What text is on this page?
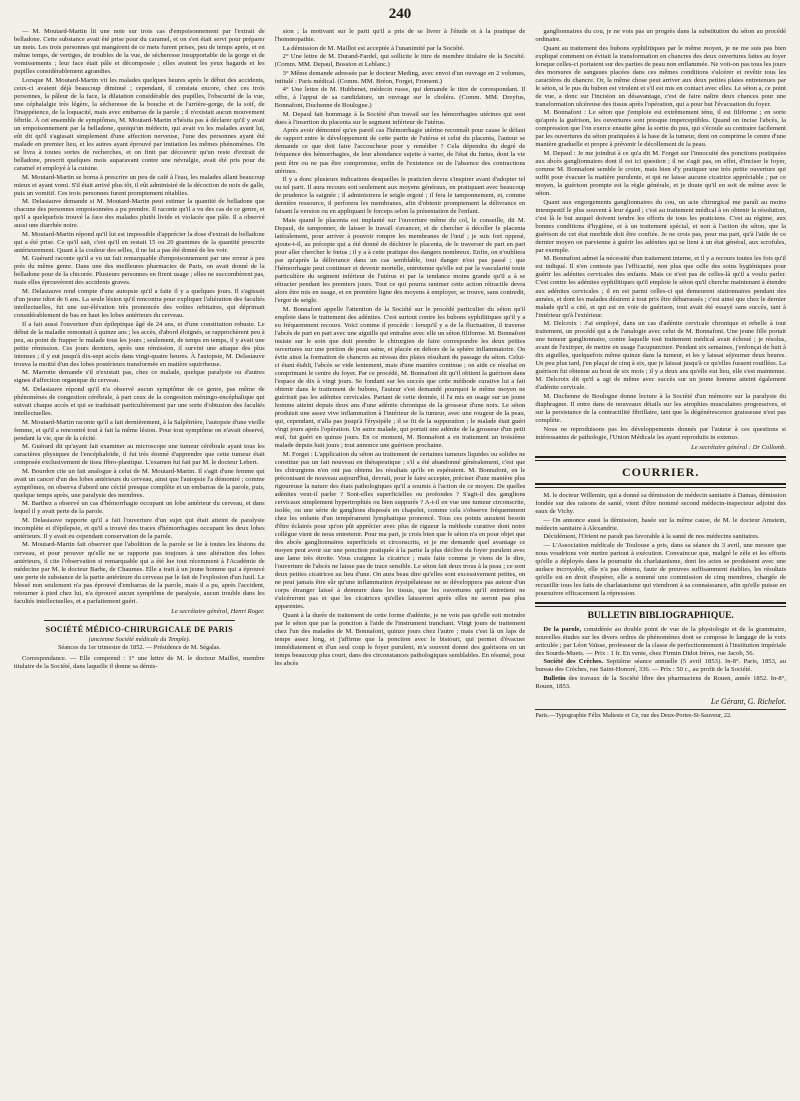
240

— M. Moutard-Martin lit une note sur trois cas d'empoisonnement par l'extrait de belladone. Cette substance avait été prise pour du caramel, et on s'en était servi pour préparer un mets. Les trois personnes qui mangèrent de ce mets furent prises, peu de temps après, et en même temps, de vertiges, de troubles de la vue, de sécheresse insupportable de la gorge et de vomissements ; leur face était pâle et décomposée ; elles avaient les yeux hagards et les pupilles considérablement agrandies.

Lorsque M. Moutard-Martin vit les malades quelques heures après le début des accidents, ceux-ci avaient déjà beaucoup diminué ; cependant, il constata encore, chez ces trois personnes, la pâleur de la face, la dilatation considérable des pupilles, l'obscurité de la vue, une céphalalgie très légère, la sécheresse de la bouche et de l'arrière-gorge, de la soif, de l'inappétence, de la loquacité, mais avec embarras de la parole ; il n'existait aucun mouvement fébrile. À cet ensemble de symptômes, M. Moutard-Martin n'hésita pas à déclarer qu'il y avait un empoisonnement par la belladone, quoiqu'un médecin, qui avait vu les malades avant lui, eût dit qu'il s'agissait simplement d'une affection nerveuse, l'une des personnes ayant été malade en premier lieu, et les autres ayant éprouvé par imitation les mêmes phénomènes. On se livra à toutes sortes de recherches, et on finit par découvrir qu'un reste d'extrait de belladone, prescrit quelques mois auparavant contre une névralgie, avait été pris pour du caramel et employé à la cuisine.

M. Moutard-Martin se borna à prescrire un peu de café à l'eau, les malades allant beaucoup mieux et ayant vomi. S'il était arrivé plus tôt, il eût administré de la décoction de noix de galle, puis un vomitif. Ces trois personnes furent promptement rétablies.

M. Delasiauve demande si M. Moutard-Martin peut estimer la quantité de belladone que chacune des personnes empoisonnées a pu prendre. Il raconte qu'il a vu des cas de ce genre, et qu'il a quelquefois trouvé la face des malades plutôt livide et violacée que pâle. Il a observé aussi une diarrhée noire.

M. Moutard-Martin répond qu'il lui est impossible d'apprécier la dose d'extrait de belladone qui a été prise. Ce qu'il sait, c'est qu'il en restait 15 ou 20 grammes de la quantité prescrite antérieurement. Quant à la couleur des selles, il ne lui a pas été donné de les voir.

M. Guérard raconte qu'il a vu un fait remarquable d'empoisonnement par une erreur à peu près du même genre. Dans une des meilleures pharmacies de Paris, on avait donné de la belladone pour de la chicorée. Plusieurs personnes en firent usage ; elles ne succombèrent pas, mais elles éprouvèrent des accidents graves.

M. Delasiauve rend compte d'une autopsie qu'il a faite il y a quelques jours. Il s'agissait d'un jeune idiot de 6 ans. La seule lésion qu'il rencontra pour expliquer l'altération des facultés intellectuelles, fut une sur-élévation très prononcée des voûtes orbitaires, qui déprimait considérablement de bas en haut les lobes antérieurs du cerveau.

Il a fait aussi l'ouverture d'un épileptique âgé de 24 ans, et d'une constitution robuste. Le début de la maladie remontait à quinze ans ; les accès, d'abord éloignés, se rapprochèrent peu à peu, au point de frapper le malade tous les jours ; seulement, de temps en temps, il y avait une petite rémission. Ces jours derniers, après une rémission, il survint une attaque des plus intenses ; il y eut jusqu'à dix-sept accès dans vingt-quatre heures. À l'autopsie, M. Delasiauve trouva la moitié d'un des lobes postérieurs transformée en matière squirrheuse.

M. Marrotte demande s'il n'existait pas, chez ce malade, quelque paralysie ou d'autres signes d'affection organique du cerveau.

M. Delasiauve répond qu'il n'a observé aucun symptôme de ce genre, pas même de phénomènes de congestion cérébrale, à part ceux de la congestion méningo-encéphalique qui suivait chaque accès et qui se traduisait particulièrement par une sorte d'obtusion des facultés intellectuelles.

M. Moutard-Martin raconte qu'il a fait dernièrement, à la Salpêtrière, l'autopsie d'une vieille femme, et qu'il a rencontré tout à fait la même lésion. Pour tout symptôme on n'avait observé, pendant la vie, que de la cécité.

M. Guérard dit qu'ayant fait examiner au microscope une tumeur cérébrale ayant tous les caractères physiques de l'encéphaloïde, il fut très étonné d'apprendre que cette tumeur était composée exclusivement de tissu fibro-plastique. L'examen fut fait par M. le docteur Lebert.

M. Bourdon cite un fait analogue à celui de M. Moutard-Martin. Il s'agit d'une femme qui avait un cancer d'un des lobes antérieurs du cerveau, ainsi que l'autopsie l'a démontré ; comme symptômes, on observa d'abord une cécité presque complète et un embarras de la parole, puis, quelque temps après, une paralysie des membres.

M. Barthez a observé un cas d'hémorrhagie occupant un lobe antérieur du cerveau, et dans lequel il y avait perte de la parole.

M. Delasiauve rapporte qu'il a fait l'ouverture d'un sujet qui était atteint de paralysie incomplète et d'épilepsie, et qu'il a trouvé des traces d'hémorrhagies occupant les deux lobes antérieurs. Il y avait eu cependant conservation de la parole.

M. Moutard-Martin fait observer que l'abolition de la parole se lie à toutes les lésions du cerveau, et pour prouver qu'elle ne se rapporte pas toujours à une altération des lobes antérieurs, il cite l'observation si remarquable qui a été lue tout récemment à l'Académie de médecine par M. le docteur Barbe, de Chaumes. Elle a trait à un jeune homme qui a éprouvé une perte de substance de la partie antérieure du cerveau par le fait de l'explosion d'un fusil. Le blessé non seulement n'a pas éprouvé d'embarras de la parole, mais il a pu, après l'accident, retourner à pied chez lui, n'a éprouvé aucun symptôme de paralysie, aucun trouble dans les facultés intellectuelles, et a parfaitement guéri.

Le secrétaire général, Henri Roger.
SOCIÉTÉ MÉDICO-CHIRURGICALE DE PARIS
(ancienne Société médicale du Temple).
Séances du 1er trimestre de 1852. — Présidence de M. Ségalas.

Correspondance. — Elle comprend : 1° une lettre de M. le docteur Maillot, membre titulaire de la Société, dans laquelle il donne sa démis-

sion ; la motivant sur le parti qu'il a pris de se livrer à l'étude et à la pratique de l'homœopathie.

La démission de M. Maillot est acceptée à l'unanimité par la Société.

2° Une lettre de M. Durand-Fardel, qui sollicite le titre de membre titulaire de la Société. (Comm. MM. Depaul, Bossion et Leblanc.)

3° Même demande adressée par le docteur Meding, avec envoi d'un ouvrage en 2 volumes, intitulé : Paris médical. (Comm. MM. Bréon, Forget, Froment.)

4° Une lettre de M. Hubbenet, médecin russe, qui demande le titre de correspondant. Il offre, à l'appui de sa candidature, un ouvrage sur le choléra. (Comm. MM. Dreyfus, Bonnafont, Duchenne de Boulogne.)

M. Depaul fait hommage à la Société d'un travail sur les hémorrhagies utérines qui sont dues à l'insertion du placenta sur le segment inférieur de l'utérus.

Après avoir démontré qu'en pareil cas l'hémorrhagie utérine reconnaît pour cause le défaut de rapport entre le développement de cette partie de l'utérus et celui du placenta, l'auteur se demande ce que doit faire l'accoucheur pour y remédier ? Cela dépendra du degré de fréquence des hémorrhagies, de leur abondance sujette à varier, de l'état du fœtus, dont la vie peut être ou ne pas être compromise, enfin de l'existence ou de l'absence des contractions utérines.

Il y a donc plusieurs indications desquelles le praticien devra s'inspirer avant d'adopter tel ou tel parti. Il aura recours soit seulement aux moyens généraux, en pratiquant avec beaucoup de prudence la saignée ; il administrera le seigle ergoté ; il fera le tamponnement, et, comme dernière ressource, il perforera les membranes, afin d'obtenir promptement la délivrance en faisant la version ou en appliquant le forceps selon la présentation de l'enfant.

Mais quand le placenta est implanté sur l'ouverture même du col, le conseille, dit M. Depaul, de tamponner, de laisser le travail s'avancer, et de chercher à décoller le placenta latéralement, pour arriver à pouvoir rompre les membranes de l'œuf ; je suis fort opposé, ajoute-t-il, au précepte qui a été donné de déchirer le placenta, de le traverser de part en part pour aller chercher le fœtus ; il y a à cette pratique des dangers nombreux. Enfin, on n'oubliera pas qu'après la délivrance dans un cas semblable, tout danger n'est pas passé ; que l'hémorrhagie peut continuer et devenir mortelle, entretenue qu'elle est par la vascularité toute particulière du segment inférieur de l'utérus et par la tendance moins grande qu'il a à se rétracter pendant les premiers jours. Tout ce qui pourra ranimer cette action rétractile devra alors être mis en usage, et en première ligne des moyens à employer, se trouve, sans contredit, l'ergot de seigle.

M. Bonnafont appelle l'attention de la Société sur le procédé particulier du séton qu'il emploie dans le traitement des adénites. C'est surtout contre les bubons syphilitiques qu'il y a eu fréquemment recours. Voici comme il procède : lorsqu'il y a de la fluctuation, il traverse l'abcès de part en part avec une aiguille qui entraîne avec elle un séton filiforme. M. Bonnafont insiste sur le soin que doit prendre le chirurgien de faire correspondre les deux petites ouvertures sur une portion de peau saine, et placée en dehors de la sphère inflammatoire. On évite ainsi la formation de chancres au niveau des plaies résultant du passage du séton. Celui-ci étant établi, l'abcès se vide lentement, mais d'une manière continue ; on aide ce résultat en comprimant le centre du foyer. Par ce procédé, M. Bonnafont dit qu'il obtient la guérison dans l'espace de dix à vingt jours. Se fondant sur les succès que cette méthode curative lui a fait obtenir dans le traitement de bubons, l'auteur s'est demandé pourquoi le même moyen ne guérirait pas les adénites cervicales. Partant de cette donnée, il l'a mis en usage sur un jeune homme atteint depuis deux ans d'une adénite chronique de la grosseur d'une noix. Le séton produisit une assez vive inflammation à l'intérieur de la tumeur, avec une rougeur de la peau, qui, cependant, n'alla pas jusqu'à l'érysipèle ; il se fit de la suppuration ; le malade était guéri vingt jours après l'opération. Un autre malade, qui portait une adénite de la grosseur d'un petit œuf, fut guéri en quinze jours. En ce moment, M. Bonnafont a en traitement un troisième malade depuis huit jours ; tout annonce une guérison prochaine.

M. Forget : L'application du séton au traitement de certaines tumeurs liquides ou solides ne constitue pas un fait nouveau en thérapeutique ; s'il a été abandonné généralement, c'est que les chirurgiens n'en ont pas obtenu les résultats qu'ils en espéraient. M. Bonnafont, en le préconisant de nouveau aujourd'hui, devrait, pour le faire accepter, préciser d'une manière plus rigoureuse la nature des états pathologiques qu'il a soumis à l'action de ce moyen. De quelles adénites veut-il parler ? Sont-elles superficielles ou profondes ? S'agit-il des ganglions cervicaux simplement hypertrophiés ou bien suppurés ? A-t-il en vue une tumeur circonscrite, isolée, ou une série de ganglions disposés en chapelet, comme cela s'observe fréquemment chez les enfants d'un tempérament lymphatique prononcé. Tous ces points auraient besoin d'être éclairés pour qu'on pût apprécier avec plus de rigueur la méthode curative dont notre collègue vient de nous entretenir. Pour ma part, je crois bien que le séton n'a en pour objet que des abcès ganglionnaires superficiels et circonscrits, et je me demande quel avantage ce moyen peut avoir sur une ponction pratiquée à la partie la plus déclive du foyer purulent avec une lame très étroite. Vous craignez la cicatrice ; mais faite comme je viens de le dire, l'ouverture de l'abcès ne laisse pas de trace sensible. Le séton fait deux trous à la peau ; ce sont deux petites cicatrices au lieu d'une. On aura beau dire qu'elles sont excessivement petites, on ne peut jamais être sûr qu'une inflammation érysipélateuse ne se développera pas autour d'un corps étranger laissé à demeure dans les tissus, que les ouvertures qu'il entretient ne s'ulcéreront pas et que les cicatrices qu'elles laisseront après elles ne seront pas plus apparentes.

Quant à la durée de traitement de cette forme d'adénite, je ne vois pas qu'elle soit moindre par le séton que par la ponction à l'aide de l'instrument tranchant. Vingt jours de traitement chez l'un des malades de M. Bonnafont, quinze jours chez l'autre ; mais c'est là un laps de temps assez long, et j'affirme que la ponction avec le bistouri, qui permet d'évacuer immédiatement et d'un seul coup le foyer purulent, m'a souvent donné des guérisons en un temps beaucoup plus court, dans des circonstances pathologiques semblables. En résumé, pour les abcès

ganglionnaires du cou, je ne vois pas un progrès dans la substitution du séton au procédé ordinaire.

Quant au traitement des bubons syphilitiques par le même moyen, je ne me suis pas bien expliqué comment on évitait la transformation en chancres des deux ouvertures faites au foyer lorsque celles-ci portaient sur des parties de peau non enflammée. Ne voit-on pas tous les jours des morsures de sangsues placées dans ces mêmes conditions s'ulcérer et revêtir tous les caractères du chancre. Or, la même chose peut arriver aux deux petites plaies entretenues par le séton, si le pus du bubon est virulent et s'il est mis en contact avec elles. Le séton a, ce point de vue, a donc sur l'incision un désavantage, c'est de faire naître deux chances pour une transformation ulcéreuse des tissus après l'opération, qui a pour but l'évacuation du foyer.

M. Bonnafont : Le séton que j'emploie est extrêmement ténu, il est filiforme ; en sorte qu'après la guérison, les ouvertures sont presque imperceptibles. Quand on incise l'abcès, la compression que l'on exerce ensuite gêne la sortie du pus, qui s'écoule au contraire facilement par les ouvertures du séton pratiquées à la base de la tumeur, dont on comprime le centre d'une manière graduelle et propre à prévenir le décollement de la peau.

M. Depaul : Je me joindrai à ce qu'a dit M. Forget sur l'innocuité des ponctions pratiquées aux abcès ganglionnaires dont il est ici question ; il ne s'agit pas, en effet, d'inciser le foyer, comme M. Bonnafont semble le croire, mais bien d'y pratiquer une très petite ouverture qui suffit pour évacuer la matière purulente, et qui ne laisse aucune cicatrice appréciable ; par ce moyen, la guérison prompte est la règle générale, et je doute qu'il en soit de même avec le séton.

Quant aux engorgements ganglionnaires du cou, un acte chirurgical me paraît au moins intempestif le plus souvent à leur égard ; c'est au traitement médical à en obtenir la résolution, c'est là le but auquel doivent tendre les efforts de tous les praticiens. C'est au régime, aux bonnes conditions d'hygiène, et à un traitement spécial, et non à l'action du séton, que la guérison de cet état morbide doit être confiée. Je ne crois pas, pour ma part, qu'à l'aide de ce dernier moyen on parvienne à guérir les adénites qui se lient à un état général, aux scrofules, par exemple.

M. Bonnafont admet la nécessité d'un traitement interne, et il y a recours toutes les fois qu'il est indiqué. Il n'en conteste pas l'efficacité, non plus que celle des soins hygiéniques pour guérir les adénites cervicales des enfants. Mais ce n'est pas de celles-là qu'il a voulu parler. C'est contre les adénites syphilitiques qu'il emploie le séton qu'il cherche maintenant à étendre aux adénites cervicales ; il en est parmi celles-ci qui demeurent stationnaires pendant des années, et dont les malades désirent à tout prix être débarrassés ; c'est ainsi que chez le dernier malade qu'il a cité, et qui est en voie de guérison, tout avait été essayé sans succès, tant à l'intérieur qu'à l'extérieur.

M. Delcroix : J'ai employé, dans un cas d'adénite cervicale chronique et rebelle à tout traitement, un procédé qui a de l'analogie avec celui de M. Bonnafont. Une jeune fille portait une tumeur ganglionnaire, contre laquelle tout traitement médical avait échoué ; je résolus, avant de l'extirper, de mettre en usage l'acupuncture. Pendant six semaines, j'enfonçai de huit à dix aiguilles, quelquefois même quinze dans la tumeur, et les y laissai séjourner deux heures. Un peu plus tard, j'en plaçai de cinq à six, que je laissai jusqu'à ce qu'elles fussent rouillées. La guérison fut obtenue au bout de six mois ; il y a deux ans qu'elle eut lieu, elle s'est maintenue. M. Delcroix dit qu'il a agi de même avec succès sur un jeune homme atteint également d'adénite cervicale.

M. Duchenne de Boulogne donne lecture à la Société d'un mémoire sur la paralysie du diaphragme. Il entre dans de nouveaux détails sur les atrophies musculaires progressives, et sur la persistance de la contractilité fibrillaire, tant que la dégénérescence graisseuse n'est pas complète.

Nous ne reproduisons pas les développements donnés par l'auteur à ces questions si intéressantes de pathologie, l'Union Médicale les ayant reproduits in extenso.

Le secrétaire général : Dr Collomb.
COURRIER.

M. le docteur Willemin, qui a donné sa démission de médecin sanitaire à Damas, démission fondée sur des raisons de santé, vient d'être nommé second médecin-inspecteur adjoint des eaux de Vichy.

— On annonce aussi la démission, basée sur la même cause, de M. le docteur Amstein, médecin sanitaire à Alexandrie.

Décidément, l'Orient ne paraît pas favorable à la santé de nos médecins sanitaires.

— L'Association médicale de Toulouse a pris, dans sa séance du 3 avril, une mesure que nous voudrions voir mettre partout à exécution. Convaincue que, malgré le zèle et les efforts qu'elle a déployés dans la poursuite du charlatanisme, dont les actes se produisent avec une audace incroyable, elle n'a pas obtenu, faute de preuves suffisamment établies, les résultats qu'elle est en droit d'espérer, elle a nommé une commission de cinq membres, chargée de recueillir tous les faits de charlatanisme qui viendront à sa connaissance, afin qu'elle puisse en poursuivre efficacement la répression.

BULLETIN BIBLIOGRAPHIQUE.

De la parole, considérée au double point de vue de la physiologie et de la grammaire, nouvelles études sur les divers ordres de phénomènes dont se compose le langage de la voix articulée ; par Léon Vaïsse, professeur de la classe de perfectionnement à l'institution impériale des Sourds-Muets. — Prix : 1 fr. En vente, chez Firmin Didot frères, rue Jacob, 56.

Société des Crèches. Septième séance annuelle (5 avril 1853). In-8°. Paris, 1853, au bureau des Crèches, rue Saint-Honoré, 336. — Prix : 50 c., au profit de la Société.

Bulletin des travaux de la Société libre des pharmaciens de Rouen, année 1852. In-8°, Rouen, 1853.

Le Gérant, G. Richelot.
Paris.—Typographie Félix Malteste et Ce, rue des Deux-Portes-St-Sauveur, 22.
